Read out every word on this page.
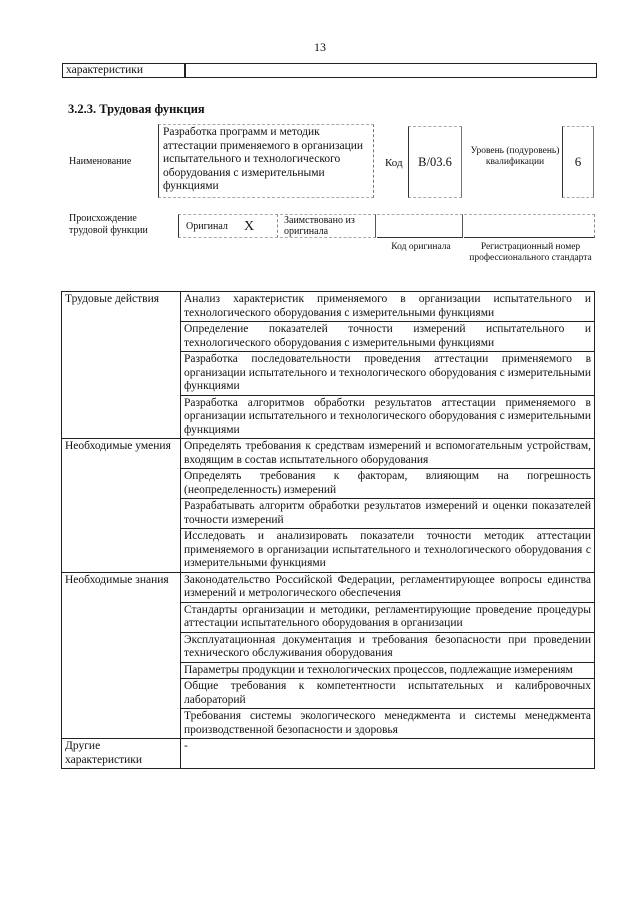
13
характеристики
3.2.3. Трудовая функция
Наименование
Разработка программ и методик аттестации применяемого в организации испытательного и технологического оборудования с измерительными функциями
Код	В/03.6
Уровень (подуровень) квалификации	6
Происхождение трудовой функции	Оригинал X	Заимствовано из оригинала
Код оригинала	Регистрационный номер профессионального стандарта
Трудовые действия	Анализ характеристик применяемого в организации испытательного и технологического оборудования с измерительными функциями
	Определение показателей точности измерений испытательного и технологического оборудования с измерительными функциями
	Разработка последовательности проведения аттестации применяемого в организации испытательного и технологического оборудования с измерительными функциями
	Разработка алгоритмов обработки результатов аттестации применяемого в организации испытательного и технологического оборудования с измерительными функциями
Необходимые умения	Определять требования к средствам измерений и вспомогательным устройствам, входящим в состав испытательного оборудования
	Определять требования к факторам, влияющим на погрешность (неопределенность) измерений
	Разрабатывать алгоритм обработки результатов измерений и оценки показателей точности измерений
	Исследовать и анализировать показатели точности методик аттестации применяемого в организации испытательного и технологического оборудования с измерительными функциями
Необходимые знания	Законодательство Российской Федерации, регламентирующее вопросы единства измерений и метрологического обеспечения
	Стандарты организации и методики, регламентирующие проведение процедуры аттестации испытательного оборудования в организации
	Эксплуатационная документация и требования безопасности при проведении технического обслуживания оборудования
	Параметры продукции и технологических процессов, подлежащие измерениям
	Общие требования к компетентности испытательных и калибровочных лабораторий
	Требования системы экологического менеджмента и системы менеджмента производственной безопасности и здоровья
Другие характеристики	-
